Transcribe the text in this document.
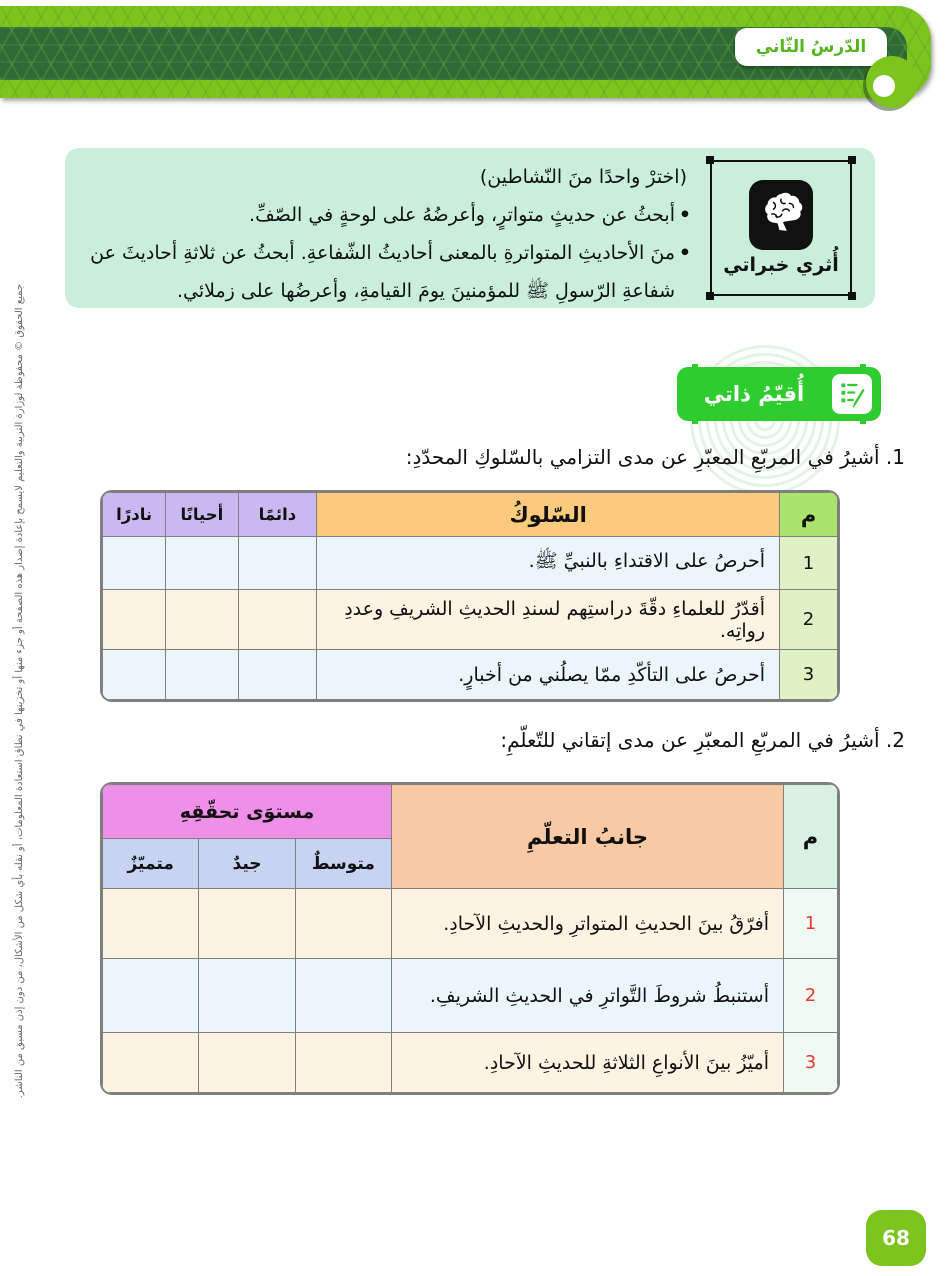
الدّرسُ الثّاني
جميع الحقوق © محفوظة لوزارة التربية والتعليم لايسمح بإعادة إصدار هذه الصفحة أو جزء منها أو تخزينها في نطاق استعادة المعلومات، أو نقله بأي شكل من الأشكال، من دون إذن مسبق من الناشر.
أُثري خبراتي
(اخترْ واحدًا منَ النّشاطين)
•
أبحثُ عن حديثٍ متواترٍ، وأعرضُهُ على لوحةٍ في الصّفِّ.
•
منَ الأحاديثِ المتواترةِ بالمعنى أحاديثُ الشّفاعةِ. أبحثُ عن ثلاثةِ أحاديثَ عن شفاعةِ الرّسولِ ﷺ للمؤمنينَ يومَ القيامةِ، وأعرضُها على زملائي.
أُقيّمُ ذاتي
1. أشيرُ في المربّعِ المعبّرِ عن مدى التزامي بالسّلوكِ المحدّدِ:
م	السّلوكُ	دائمًا	أحيانًا	نادرًا
1	أحرصُ على الاقتداءِ بالنبيِّ ﷺ.			
2	أقدّرُ للعلماءِ دقّةَ دراستِهم لسندِ الحديثِ الشريفِ وعددِ رواتِه.			
3	أحرصُ على التأكّدِ ممّا يصلُني من أخبارٍ.			
2. أشيرُ في المربّعِ المعبّرِ عن مدى إتقاني للتّعلّمِ:
م	جانبُ التعلّمِ	مستوَى تحقّقِهِ		
		متوسطٌ	جيدٌ	متميّزٌ
1	أفرّقُ بينَ الحديثِ المتواترِ والحديثِ الآحادِ.			
2	أستنبطُ شروطَ التَّواترِ في الحديثِ الشريفِ.			
3	أميّزُ بينَ الأنواعِ الثلاثةِ للحديثِ الآحادِ.			
68
